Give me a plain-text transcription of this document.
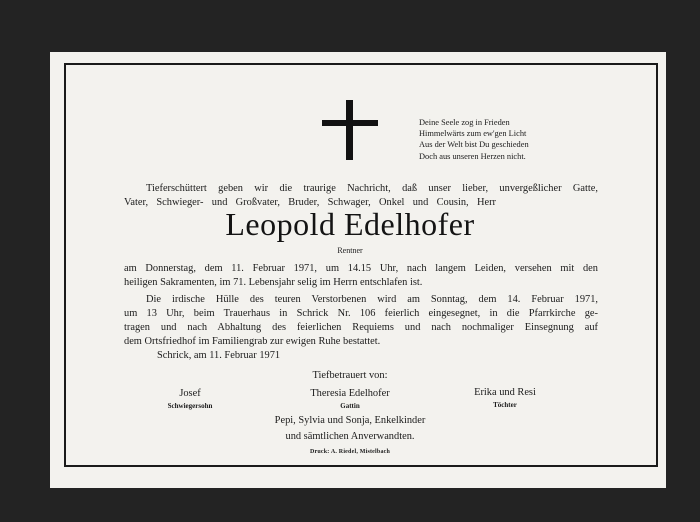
Deine Seele zog in Frieden
Himmelwärts zum ew'gen Licht
Aus der Welt bist Du geschieden
Doch aus unseren Herzen nicht.
Tieferschüttert geben wir die traurige Nachricht, daß unser lieber, unvergeßlicher Gatte,
Vater, Schwieger- und Großvater, Bruder, Schwager, Onkel und Cousin, Herr
Leopold Edelhofer
Rentner
am Donnerstag, dem 11. Februar 1971, um 14.15 Uhr, nach langem Leiden, versehen mit den
heiligen Sakramenten, im 71. Lebensjahr selig im Herrn entschlafen ist.
Die irdische Hülle des teuren Verstorbenen wird am Sonntag, dem 14. Februar 1971,
um 13 Uhr, beim Trauerhaus in Schrick Nr. 106 feierlich eingesegnet, in die Pfarrkirche ge-
tragen und nach Abhaltung des feierlichen Requiems und nach nochmaliger Einsegnung auf
dem Ortsfriedhof im Familiengrab zur ewigen Ruhe bestattet.
Schrick, am 11. Februar 1971
Tiefbetrauert von:
Josef
Schwiegersohn
Theresia Edelhofer
Gattin
Erika und Resi
Töchter
Pepi, Sylvia und Sonja, Enkelkinder
und sämtlichen Anverwandten.
Druck: A. Riedel, Mistelbach
